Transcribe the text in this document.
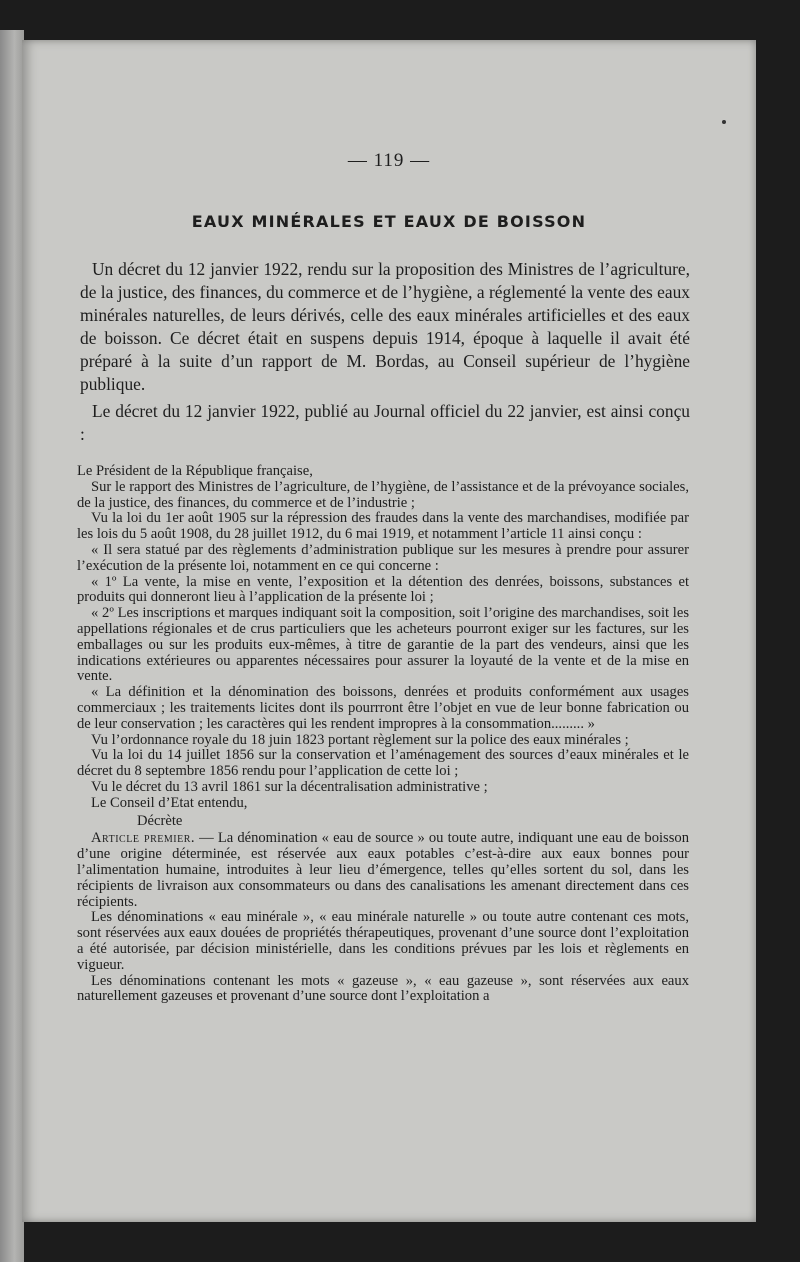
— 119 —
EAUX MINÉRALES ET EAUX DE BOISSON

Un décret du 12 janvier 1922, rendu sur la proposition des Ministres de l’agriculture, de la justice, des finances, du commerce et de l’hygiène, a réglementé la vente des eaux minérales naturelles, de leurs dérivés, celle des eaux minérales artificielles et des eaux de boisson. Ce décret était en suspens depuis 1914, époque à laquelle il avait été préparé à la suite d’un rapport de M. Bordas, au Conseil supérieur de l’hygiène publique.

Le décret du 12 janvier 1922, publié au Journal officiel du 22 janvier, est ainsi conçu :

Le Président de la République française,

Sur le rapport des Ministres de l’agriculture, de l’hygiène, de l’assistance et de la prévoyance sociales, de la justice, des finances, du commerce et de l’industrie ;

Vu la loi du 1er août 1905 sur la répression des fraudes dans la vente des marchandises, modifiée par les lois du 5 août 1908, du 28 juillet 1912, du 6 mai 1919, et notamment l’article 11 ainsi conçu :

« Il sera statué par des règlements d’administration publique sur les mesures à prendre pour assurer l’exécution de la présente loi, notamment en ce qui concerne :

« 1º La vente, la mise en vente, l’exposition et la détention des denrées, boissons, substances et produits qui donneront lieu à l’application de la présente loi ;

« 2º Les inscriptions et marques indiquant soit la composition, soit l’origine des marchandises, soit les appellations régionales et de crus particuliers que les acheteurs pourront exiger sur les factures, sur les emballages ou sur les produits eux-mêmes, à titre de garantie de la part des vendeurs, ainsi que les indications extérieures ou apparentes nécessaires pour assurer la loyauté de la vente et de la mise en vente.

« La définition et la dénomination des boissons, denrées et produits conformément aux usages commerciaux ; les traitements licites dont ils pourrront être l’objet en vue de leur bonne fabrication ou de leur conservation ; les caractères qui les rendent impropres à la consommation......... »

Vu l’ordonnance royale du 18 juin 1823 portant règlement sur la police des eaux minérales ;

Vu la loi du 14 juillet 1856 sur la conservation et l’aménagement des sources d’eaux minérales et le décret du 8 septembre 1856 rendu pour l’application de cette loi ;

Vu le décret du 13 avril 1861 sur la décentralisation administrative ;

Le Conseil d’Etat entendu,

Décrète

Article premier. — La dénomination « eau de source » ou toute autre, indiquant une eau de boisson d’une origine déterminée, est réservée aux eaux potables c’est-à-dire aux eaux bonnes pour l’alimentation humaine, introduites à leur lieu d’émergence, telles qu’elles sortent du sol, dans les récipients de livraison aux consommateurs ou dans des canalisations les amenant directement dans ces récipients.

Les dénominations « eau minérale », « eau minérale naturelle » ou toute autre contenant ces mots, sont réservées aux eaux douées de propriétés thérapeutiques, provenant d’une source dont l’exploitation a été autorisée, par décision ministérielle, dans les conditions prévues par les lois et règlements en vigueur.

Les dénominations contenant les mots « gazeuse », « eau gazeuse », sont réservées aux eaux naturellement gazeuses et provenant d’une source dont l’exploitation a
